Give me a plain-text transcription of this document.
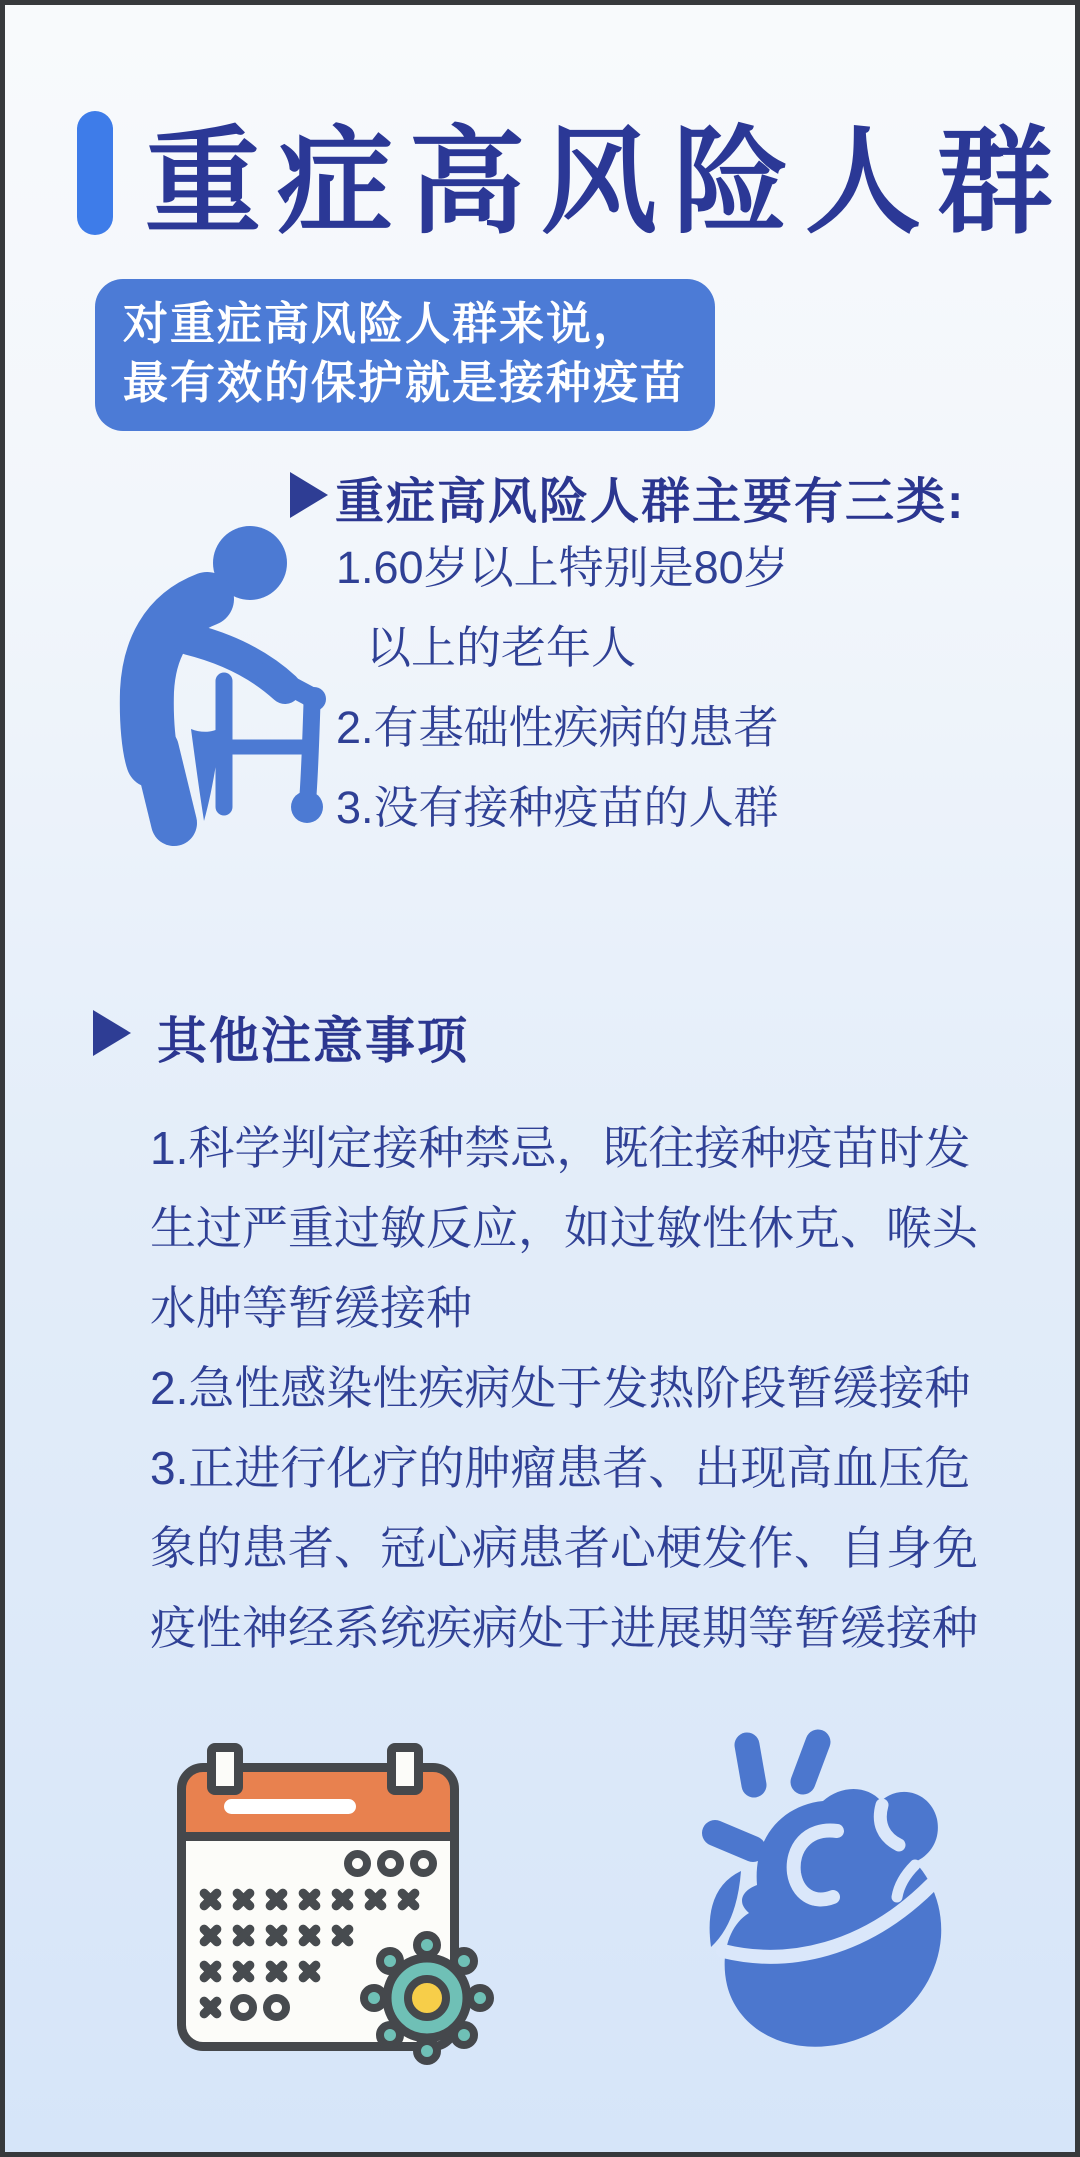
重症高风险人群
对重症高风险人群来说，
最有效的保护就是接种疫苗
重症高风险人群主要有三类:
1.60岁以上特别是80岁
以上的老年人
2.有基础性疾病的患者
3.没有接种疫苗的人群
其他注意事项
1.科学判定接种禁忌，既往接种疫苗时发生过严重过敏反应，如过敏性休克、喉头水肿等暂缓接种
2.急性感染性疾病处于发热阶段暂缓接种
3.正进行化疗的肿瘤患者、出现高血压危象的患者、冠心病患者心梗发作、自身免疫性神经系统疾病处于进展期等暂缓接种
